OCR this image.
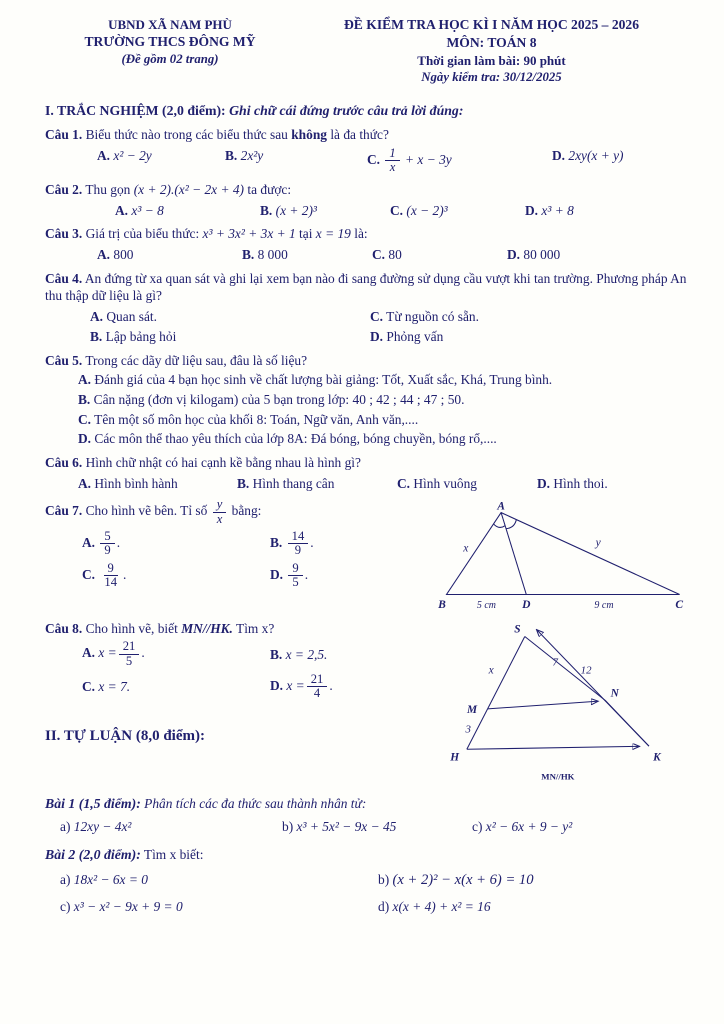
UBND XÃ NAM PHÙ

TRƯỜNG THCS ĐÔNG MỸ

(Đề gồm 02 trang)

ĐỀ KIỂM TRA HỌC KÌ I NĂM HỌC 2025 – 2026

MÔN: TOÁN 8

Thời gian làm bài: 90 phút

Ngày kiểm tra: 30/12/2025

I. TRẮC NGHIỆM (2,0 điểm): Ghi chữ cái đứng trước câu trả lời đúng:

Câu 1. Biểu thức nào trong các biểu thức sau không là đa thức?

A. x² − 2y	B. 2x²y	C. $\frac{1}{x} + x - 3y$	D. 2xy(x + y)

Câu 2. Thu gọn (x + 2).(x² − 2x + 4) ta được:

A. x³ − 8	B. (x + 2)³	C. (x − 2)³	D. x³ + 8

Câu 3. Giá trị của biểu thức: x³ + 3x² + 3x + 1 tại x = 19 là:

A. 800	B. 8 000	C. 80	D. 80 000

Câu 4. An đứng từ xa quan sát và ghi lại xem bạn nào đi sang đường sử dụng cầu vượt khi tan trường. Phương pháp An thu thập dữ liệu là gì?

A. Quan sát.	C. Từ nguồn có sẵn.
B. Lập bảng hỏi	D. Phỏng vấn

Câu 5. Trong các dãy dữ liệu sau, đâu là số liệu?

A. Đánh giá của 4 bạn học sinh về chất lượng bài giảng: Tốt, Xuất sắc, Khá, Trung bình.
B. Cân nặng (đơn vị kilogam) của 5 bạn trong lớp: 40 ; 42 ; 44 ; 47 ; 50.
C. Tên một số môn học của khối 8: Toán, Ngữ văn, Anh văn,....
D. Các môn thể thao yêu thích của lớp 8A: Đá bóng, bóng chuyền, bóng rổ,....

Câu 6. Hình chữ nhật có hai cạnh kề bằng nhau là hình gì?

A. Hình bình hành	B. Hình thang cân	C. Hình vuông	D. Hình thoi.

Câu 7. Cho hình vẽ bên. Tỉ số $\frac{y}{x}$ bằng:

A. $\frac{5}{9}$ .	B. $\frac{14}{9}$ .
C. $\frac{9}{14}$ .	D. $\frac{9}{5}$ .
A
x	y
B	5 cm D	9 cm	C

Câu 8. Cho hình vẽ, biết MN//HK. Tìm x?

A. $x = \frac{21}{5}$ .	B. x = 2,5.
C. x = 7.	D. $x = \frac{21}{4}$ .

II. TỰ LUẬN (8,0 điểm):

S
x
7
12
M
N
3
H	K
MN//HK

Bài 1 (1,5 điểm): Phân tích các đa thức sau thành nhân tử:

a) 12xy − 4x²	b) x³ + 5x² − 9x − 45	c) x² − 6x + 9 − y²

Bài 2 (2,0 điểm): Tìm x biết:

a) 18x² − 6x = 0	b) (x + 2)² − x(x + 6) = 10
c) x³ − x² − 9x + 9 = 0	d) x(x + 4) + x² = 16
